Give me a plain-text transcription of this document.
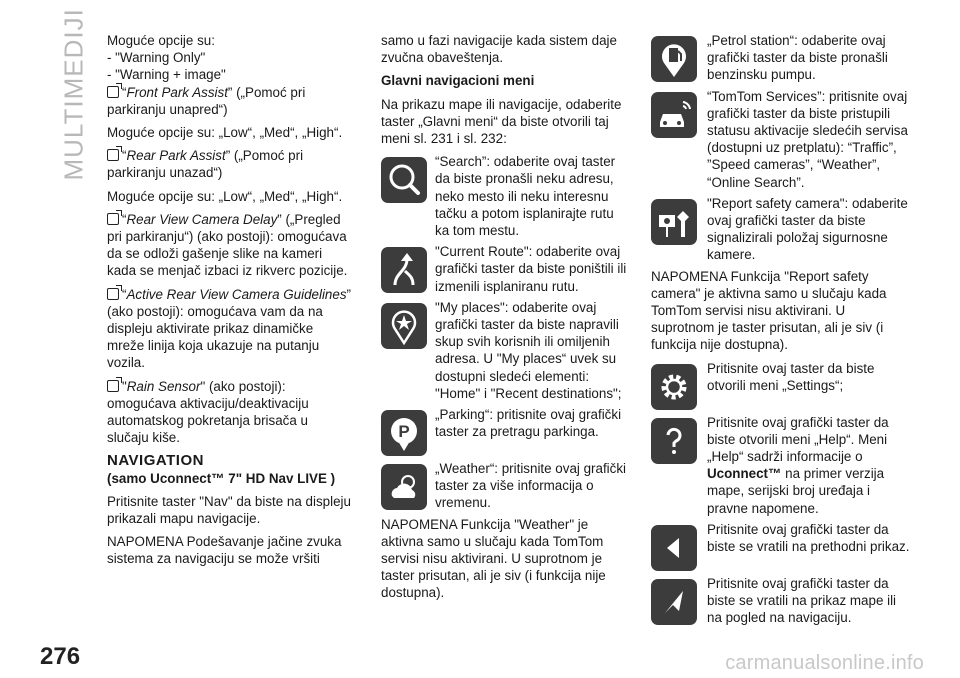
MULTIMEDIJI Moguće opcije su:

- "Warning Only"

- "Warning + image"

“Front Park Assist” („Pomoć pri parkiranju unapred“)

Moguće opcije su: „Low“, „Med“, „High“.

“Rear Park Assist” („Pomoć pri parkiranju unazad“)

Moguće opcije su: „Low“, „Med“, „High“.

“Rear View Camera Delay” („Pregled pri parkiranju“) (ako postoji): omogućava da se odloži gašenje slike na kameri kada se menjač izbaci iz rikverc pozicije.

“Active Rear View Camera Guidelines” (ako postoji): omogućava vam da na displeju aktivirate prikaz dinamičke mreže linija koja ukazuje na putanju vozila.

"Rain Sensor" (ako postoji): omogućava aktivaciju/deaktivaciju automatskog pokretanja brisača u slučaju kiše.

NAVIGATION

(samo Uconnect™ 7" HD Nav LIVE )

Pritisnite taster "Nav" da biste na displeju prikazali mapu navigacije.

NAPOMENA Podešavanje jačine zvuka sistema za navigaciju se može vršiti

samo u fazi navigacije kada sistem daje zvučna obaveštenja.

Glavni navigacioni meni

Na prikazu mape ili navigacije, odaberite taster „Glavni meni“ da biste otvorili taj meni sl. 231 i sl. 232:

“Search”: odaberite ovaj taster da biste pronašli neku adresu, neko mesto ili neku interesnu tačku a potom isplanirajte rutu ka tom mestu.
"Current Route": odaberite ovaj grafički taster da biste poništili ili izmenili isplaniranu rutu.
"My places": odaberite ovaj grafički taster da biste napravili skup svih korisnih ili omiljenih adresa. U "My places“ uvek su dostupni sledeći elementi: "Home" i "Recent destinations";
P
„Parking“: pritisnite ovaj grafički taster za pretragu parkinga.
„Weather“: pritisnite ovaj grafički taster za više informacija o vremenu.

NAPOMENA Funkcija "Weather" je aktivna samo u slučaju kada TomTom servisi nisu aktivirani. U suprotnom je taster prisutan, ali je siv (i funkcija nije dostupna).

„Petrol station“: odaberite ovaj grafički taster da biste pronašli benzinsku pumpu.
“TomTom Services”: pritisnite ovaj grafički taster da biste pristupili statusu aktivacije sledećih servisa (dostupni uz pretplatu): “Traffic”, ”Speed cameras”, “Weather”, “Online Search”.
"Report safety camera": odaberite ovaj grafički taster da biste signalizirali položaj sigurnosne kamere.

NAPOMENA Funkcija "Report safety camera" je aktivna samo u slučaju kada TomTom servisi nisu aktivirani. U suprotnom je taster prisutan, ali je siv (i funkcija nije dostupna).

Pritisnite ovaj taster da biste otvorili meni „Settings“;
Pritisnite ovaj grafički taster da biste otvorili meni „Help“. Meni „Help“ sadrži informacije o Uconnect™ na primer verzija mape, serijski broj uređaja i pravne napomene.
Pritisnite ovaj grafički taster da biste se vratili na prethodni prikaz.
Pritisnite ovaj grafički taster da biste se vratili na prikaz mape ili na pogled na navigaciju.
276	carmanualsonline.info
